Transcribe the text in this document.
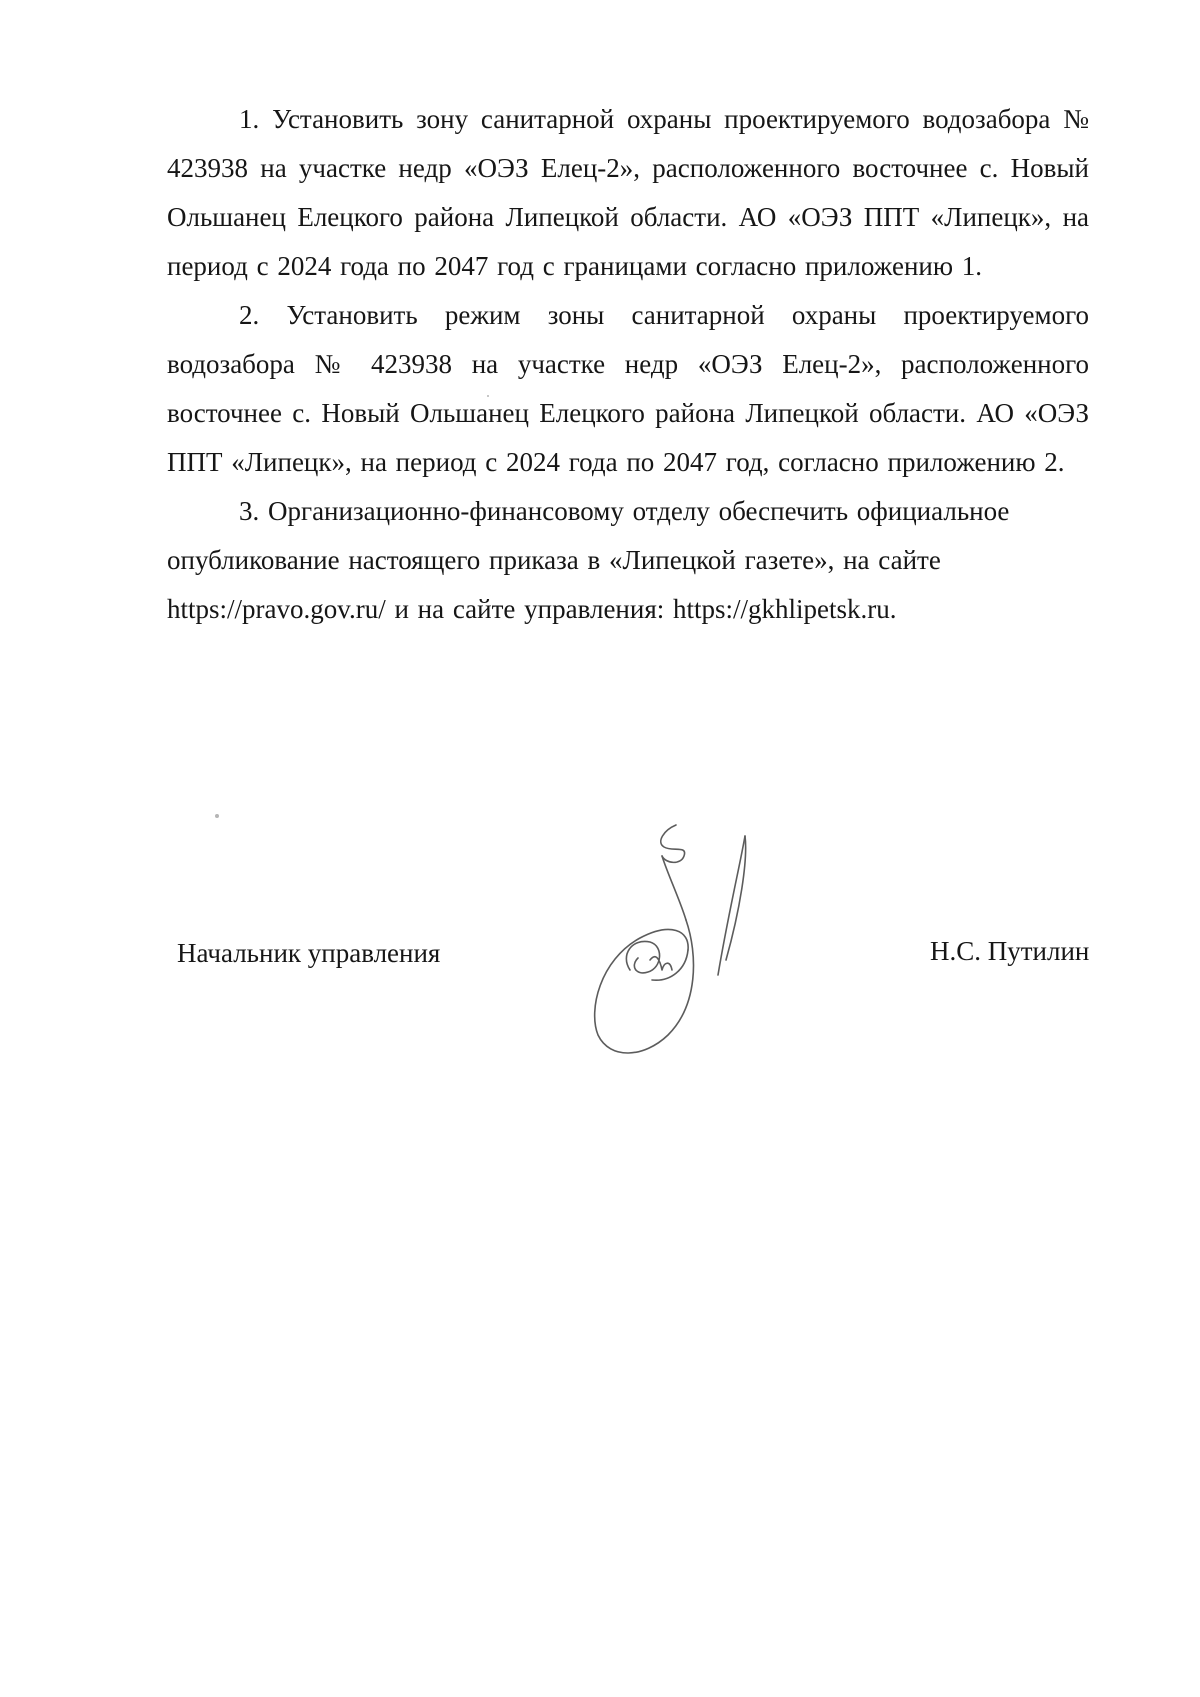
1. Установить зону санитарной охраны проектируемого водозабора № 423938 на участке недр «ОЭЗ Елец-2», расположенного восточнее с. Новый Ольшанец Елецкого района Липецкой области. АО «ОЭЗ ППТ «Липецк», на период с 2024 года по 2047 год с границами согласно приложению 1.

2. Установить режим зоны санитарной охраны проектируемого водозабора № 423938 на участке недр «ОЭЗ Елец-2», расположенного восточнее с. Новый Ольшанец Елецкого района Липецкой области. АО «ОЭЗ ППТ «Липецк», на период с 2024 года по 2047 год, согласно приложению 2.

3. Организационно-финансовому отделу обеспечить официальное опубликование настоящего приказа в «Липецкой газете», на сайте https://pravo.gov.ru/ и на сайте управления: https://gkhlipetsk.ru.

Начальник управления	Н.С. Путилин
